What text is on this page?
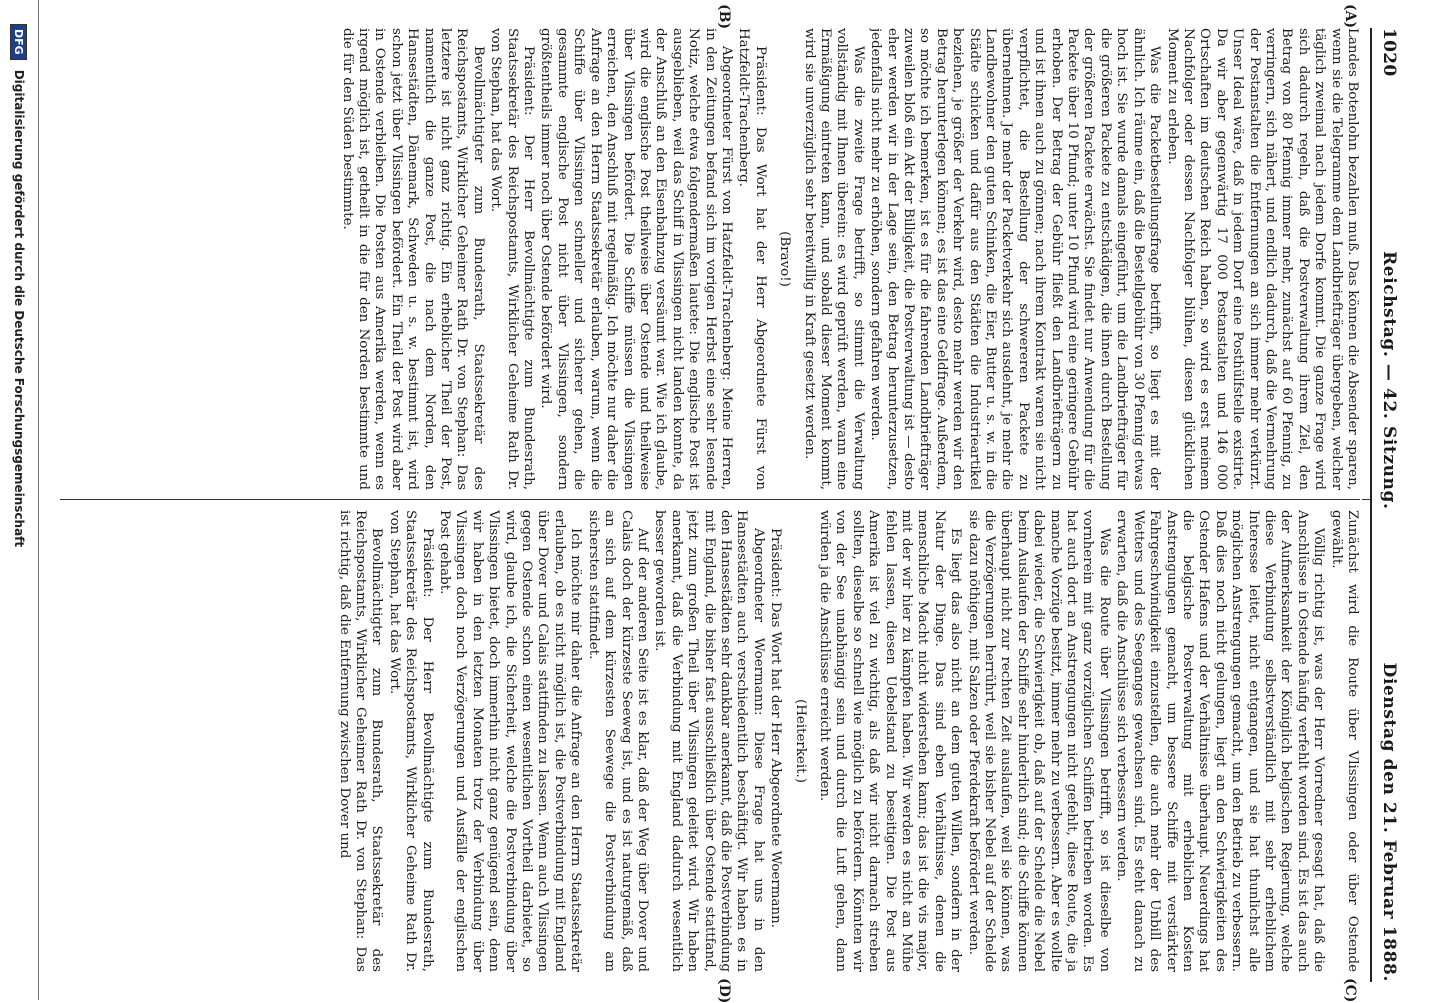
1020
Reichstag. — 42. Sitzung.
Dienstag den 21. Februar 1888.
(A)
(B)
(C)
(D)

Landes Botenlohn bezahlen muß. Das können die Absender sparen, wenn sie die Telegramme dem Landbriefträger übergeben, welcher täglich zweimal nach jedem Dorfe kommt. Die ganze Frage wird sich dadurch regeln, daß die Postverwaltung ihrem Ziel, den Betrag von 80 Pfennig immer mehr, zunächst auf 60 Pfennig, zu verringern, sich nähert, und endlich dadurch, daß die Vermehrung der Postanstalten die Entfernungen an sich immer mehr verkürzt. Unser Ideal wäre, daß in jedem Dorf eine Posthülfstelle existirte. Da wir aber gegenwärtig 17 000 Postanstalten und 146 000 Ortschaften im deutschen Reich haben, so wird es erst meinem Nachfolger oder dessen Nachfolger blühen, diesen glücklichen Moment zu erleben.

Was die Packetbestellungsfrage betrifft, so liegt es mit der ähnlich. Ich räume ein, daß die Bestellgebühr von 30 Pfennig etwas hoch ist. Sie wurde damals eingeführt, um die Landbriefträger für die größeren Packete zu entschädigen, die ihnen durch Bestellung der größeren Packete erwächst. Sie findet nur Anwendung für die Packete über 10 Pfund; unter 10 Pfund wird eine geringere Gebühr erhoben. Der Betrag der Gebühr fließt den Landbriefträgern zu und ist ihnen auch zu gönnen; nach ihrem Kontrakt waren sie nicht verpflichtet, die Bestellung der schwereren Packete zu übernehmen. Je mehr der Packetverkehr sich ausdehnt, je mehr die Landbewohner den guten Schinken, die Eier, Butter u. s. w. in die Städte schicken und dafür aus den Städten die Industrieartikel beziehen, je größer der Verkehr wird, desto mehr werden wir den Betrag herunterlegen können; es ist das eine Geldfrage. Außerdem, so möchte ich bemerken, ist es für die fahrenden Landbriefträger zuweilen bloß ein Akt der Billigkeit, die Postverwaltung ist — desto eher werden wir in der Lage sein, den Betrag herunterzusetzen, jedenfalls nicht mehr zu erhöhen, sondern gefahren werden.

Was die zweite Frage betrifft, so stimmt die Verwaltung vollständig mit Ihnen überein: es wird geprüft werden, wann eine Ermäßigung eintreten kann, und sobald dieser Moment kommt, wird sie unverzüglich sehr bereitwillig in Kraft gesetzt werden.

(Bravo!)

Präsident: Das Wort hat der Herr Abgeordnete Fürst von Hatzfeldt-Trachenberg.

Abgeordneter Fürst von Hatzfeldt-Trachenberg: Meine Herren, in den Zeitungen befand sich im vorigen Herbst eine sehr lesende Notiz, welche etwa folgendermaßen lautete: Die englische Post ist ausgeblieben, weil das Schiff in Vlissingen nicht landen konnte, da der Anschluß an den Eisenbahnzug versäumt war. Wie ich glaube, wird die englische Post theilweise über Ostende und theilweise über Vlissingen befördert. Die Schiffe müssen die Vlissingen erreichen, den Anschluß mit regelmäßig. Ich möchte nur daher die Anfrage an den Herrn Staatssekretär erlauben, warum, wenn die Schiffe über Vlissingen schneller und sicherer gehen, die gesammte englische Post nicht über Vlissingen, sondern größtentheils immer noch über Ostende befördert wird.

Präsident: Der Herr Bevollmächtigte zum Bundesrath, Staatssekretär des Reichspostamts, Wirklicher Geheime Rath Dr. von Stephan, hat das Wort.

Bevollmächtigter zum Bundesrath, Staatssekretär des Reichspostamts, Wirklicher Geheimer Rath Dr. von Stephan: Das letztere ist nicht ganz richtig. Ein erheblicher Theil der Post, namentlich die ganze Post, die nach dem Norden, den Hansestädten, Dänemark, Schweden u. s. w. bestimmt ist, wird schon jetzt über Vlissingen befördert. Ein Theil der Post wird aber in Ostende verbleiben. Die Posten aus Amerika werden, wenn es irgend möglich ist, getheilt in die für den Norden bestimmte und die für den Süden bestimmte.

Zunächst wird die Route über Vlissingen oder über Ostende gewählt.

Völlig richtig ist, was der Herr Vorredner gesagt hat, daß die Anschlüsse in Ostende häufig verfehlt worden sind. Es ist das auch der Aufmerksamkeit der Königlich belgischen Regierung, welche diese Verbindung selbstverständlich mit sehr erheblichem Interesse leitet, nicht entgangen, und sie hat thunlichst alle möglichen Anstrengungen gemacht, um den Betrieb zu verbessern. Daß dies noch nicht gelungen, liegt an den Schwierigkeiten des Ostender Hafens und der Verhältnisse überhaupt. Neuerdings hat die belgische Postverwaltung mit erheblichen Kosten Anstrengungen gemacht, um bessere Schiffe mit verstärkter Fahrgeschwindigkeit einzustellen, die auch mehr der Unbill des Wetters und des Seeganges gewachsen sind. Es steht danach zu erwarten, daß die Anschlüsse sich verbessern werden.

Was die Route über Vlissingen betrifft, so ist dieselbe von vornherein mit ganz vorzüglichen Schiffen betrieben worden. Es hat auch dort an Anstrengungen nicht gefehlt, diese Route, die ja manche Vorzüge besitzt, immer mehr zu verbessern. Aber es wollte dabei wieder, die Schwierigkeit ob, daß auf der Schelde die Nebel beim Auslaufen der Schiffe sehr hinderlich sind; die Schiffe können überhaupt nicht zur rechten Zeit auslaufen, weil sie können, was die Verzögerungen herrührt, weil sie bisher Nebel auf der Schelde sie dazu nöthigen, mit Salzen oder Pferdekraft befördert werden.

Es liegt das also nicht an dem guten Willen, sondern in der Natur der Dinge. Das sind eben Verhältnisse, denen die menschliche Macht nicht widerstehen kann; das ist die vis major, mit der wir hier zu kämpfen haben. Wir werden es nicht an Mühe fehlen lassen, diesen Uebelstand zu beseitigen. Die Post aus Amerika ist viel zu wichtig, als daß wir nicht darnach streben sollten, dieselbe so schnell wie möglich zu befördern. Könnten wir von der See unabhängig sein und durch die Luft gehen, dann würden ja die Anschlüsse erreicht werden.

(Heiterkeit.)

Präsident: Das Wort hat der Herr Abgeordnete Woermann.

Abgeordneter Woermann: Diese Frage hat uns in den Hansestädten auch verschiedentlich beschäftigt. Wir haben es in den Hansestädten sehr dankbar anerkannt, daß die Postverbindung mit England, die bisher fast ausschließlich über Ostende stattfand, jetzt zum großen Theil über Vlissingen geleitet wird. Wir haben anerkannt, daß die Verbindung mit England dadurch wesentlich besser geworden ist.

Auf der anderen Seite ist es klar, daß der Weg über Dover und Calais doch der kürzeste Seeweg ist, und es ist naturgemäß, daß an sich auf dem kürzesten Seewege die Postverbindung am sichersten stattfindet.

Ich möchte mir daher die Anfrage an den Herrn Staatssekretär erlauben, ob es nicht möglich ist, die Postverbindung mit England über Dover und Calais stattfinden zu lassen. Wenn auch Vlissingen gegen Ostende schon einen wesentlichen Vortheil darbietet, so wird, glaube ich, die Sicherheit, welche die Postverbindung über Vlissingen bietet, doch immerhin nicht ganz genügend sein, denn wir haben in den letzten Monaten trotz der Verbindung über Vlissingen doch noch Verzögerungen und Ausfälle der englischen Post gehabt.

Präsident: Der Herr Bevollmächtigte zum Bundesrath, Staatssekretär des Reichspostamts, Wirklicher Geheime Rath Dr. von Stephan, hat das Wort.

Bevollmächtigter zum Bundesrath, Staatssekretär des Reichspostamts, Wirklicher Geheimer Rath Dr. von Stephan: Das ist richtig, daß die Entfernung zwischen Dover und

DFG
Digitalisierung gefördert durch die Deutsche Forschungsgemeinschaft
